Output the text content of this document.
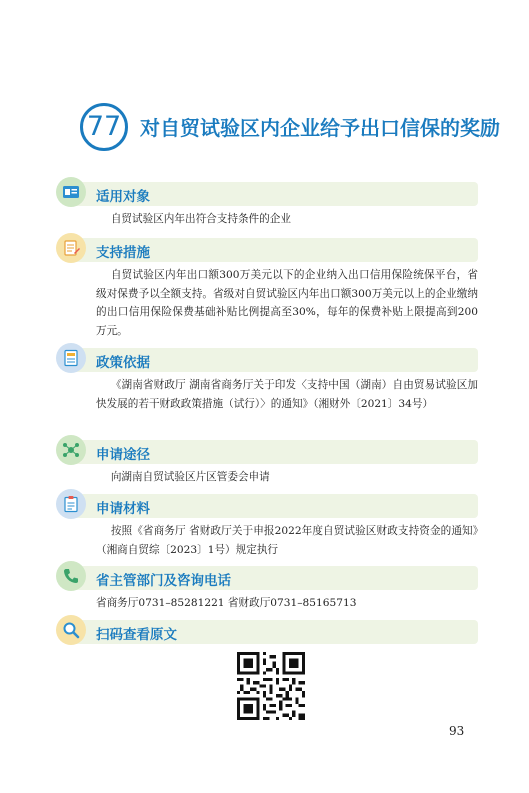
77 对自贸试验区内企业给予出口信保的奖励
适用对象
自贸试验区内年出符合支持条件的企业
支持措施
自贸试验区内年出口额300万美元以下的企业纳入出口信用保险统保平台，省级对保费予以全额支持。省级对自贸试验区内年出口额300万美元以上的企业缴纳的出口信用保险保费基础补贴比例提高至30%，每年的保费补贴上限提高到200万元。
政策依据
《湖南省财政厅 湖南省商务厅关于印发〈支持中国（湖南）自由贸易试验区加快发展的若干财政政策措施（试行）〉的通知》（湘财外〔2021〕34号）
申请途径
向湖南自贸试验区片区管委会申请
申请材料
按照《省商务厅 省财政厅关于申报2022年度自贸试验区财政支持资金的通知》（湘商自贸综〔2023〕1号）规定执行
省主管部门及咨询电话
省商务厅0731–85281221 省财政厅0731–85165713
扫码查看原文
93
